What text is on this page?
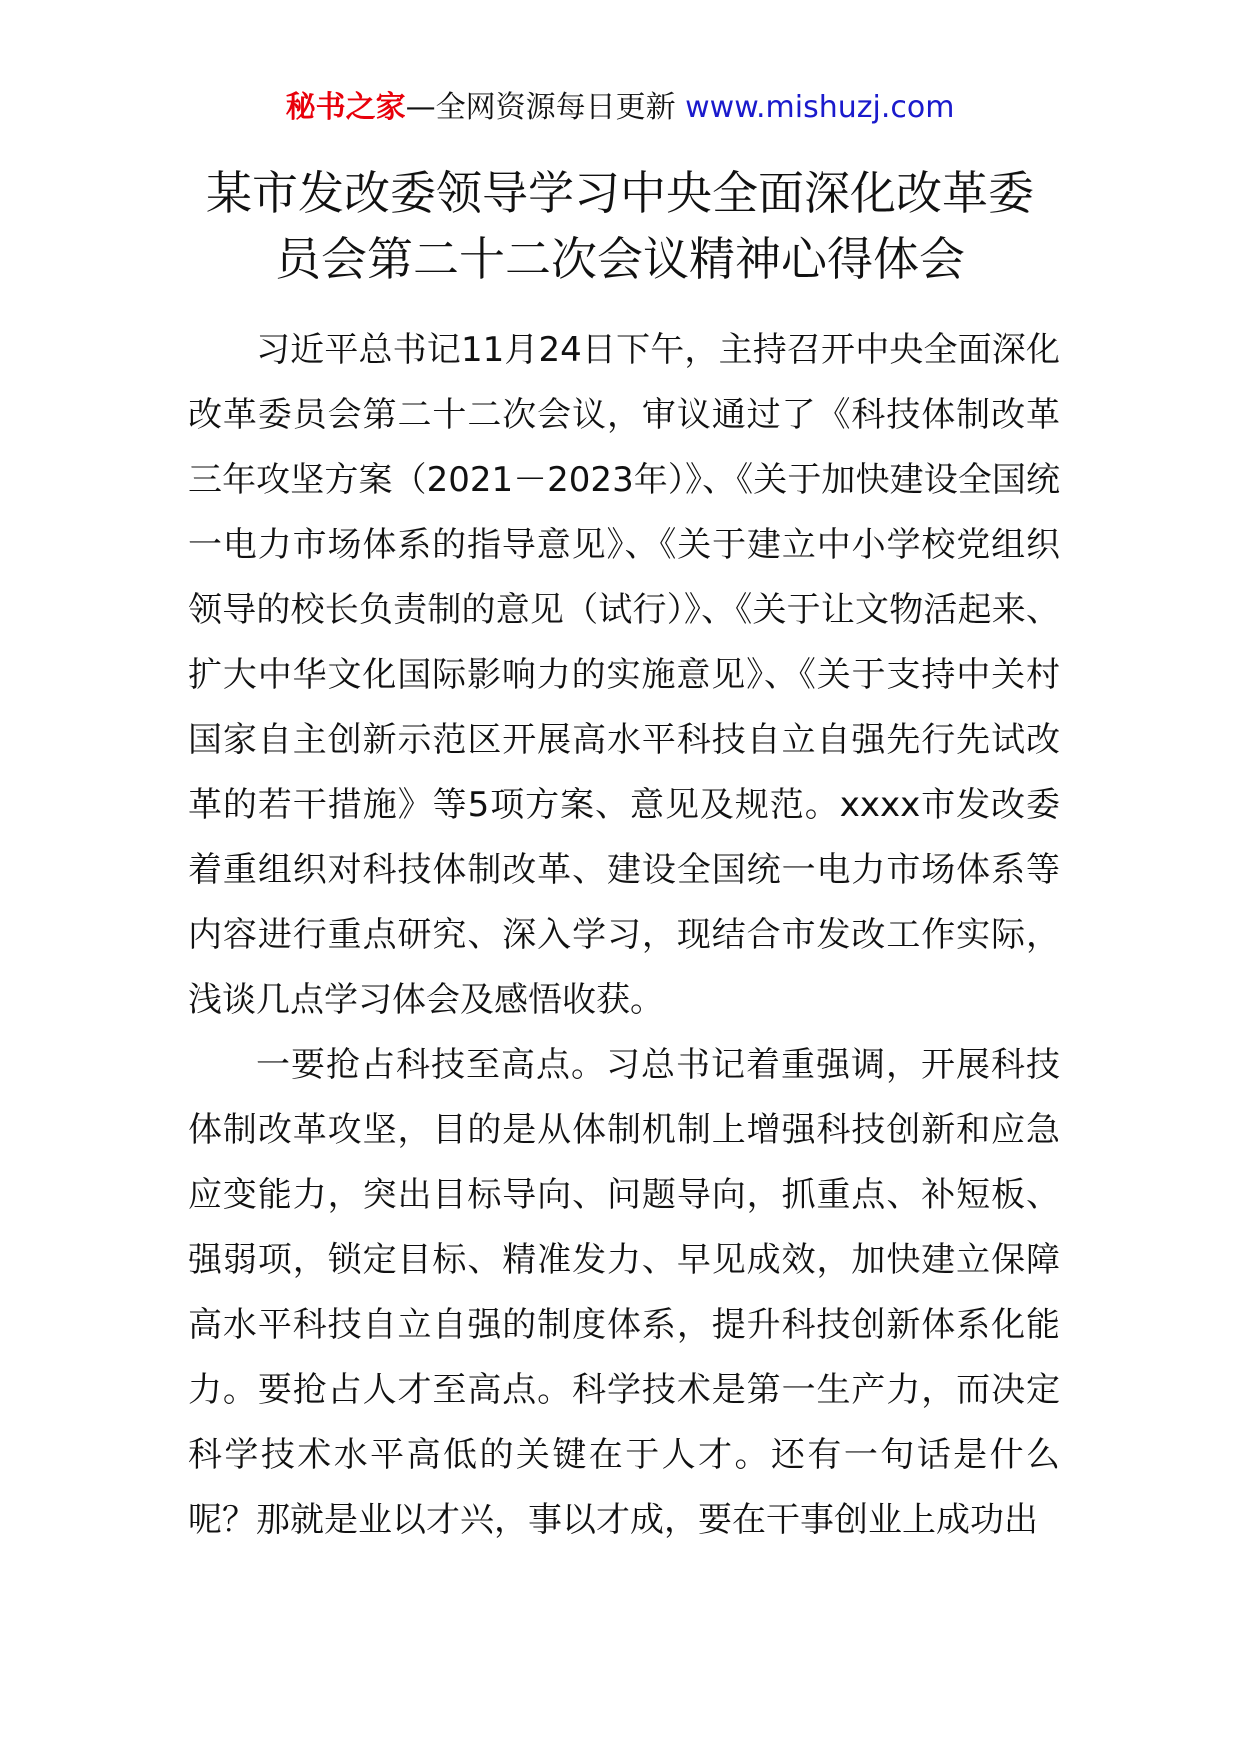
秘书之家—全网资源每日更新 www.mishuzj.com
某市发改委领导学习中央全面深化改革委
员会第二十二次会议精神心得体会

习近平总书记11月24日下午，主持召开中央全面深化改革委员会第二十二次会议，审议通过了《科技体制改革三年攻坚方案（2021－2023年）》、《关于加快建设全国统一电力市场体系的指导意见》、《关于建立中小学校党组织领导的校长负责制的意见（试行）》、《关于让文物活起来、扩大中华文化国际影响力的实施意见》、《关于支持中关村国家自主创新示范区开展高水平科技自立自强先行先试改革的若干措施》等5项方案、意见及规范。xxxx市发改委着重组织对科技体制改革、建设全国统一电力市场体系等内容进行重点研究、深入学习，现结合市发改工作实际，浅谈几点学习体会及感悟收获。

一要抢占科技至高点。习总书记着重强调，开展科技体制改革攻坚，目的是从体制机制上增强科技创新和应急应变能力，突出目标导向、问题导向，抓重点、补短板、强弱项，锁定目标、精准发力、早见成效，加快建立保障高水平科技自立自强的制度体系，提升科技创新体系化能力。要抢占人才至高点。科学技术是第一生产力，而决定科学技术水平高低的关键在于人才。还有一句话是什么呢？那就是业以才兴，事以才成，要在干事创业上成功出
